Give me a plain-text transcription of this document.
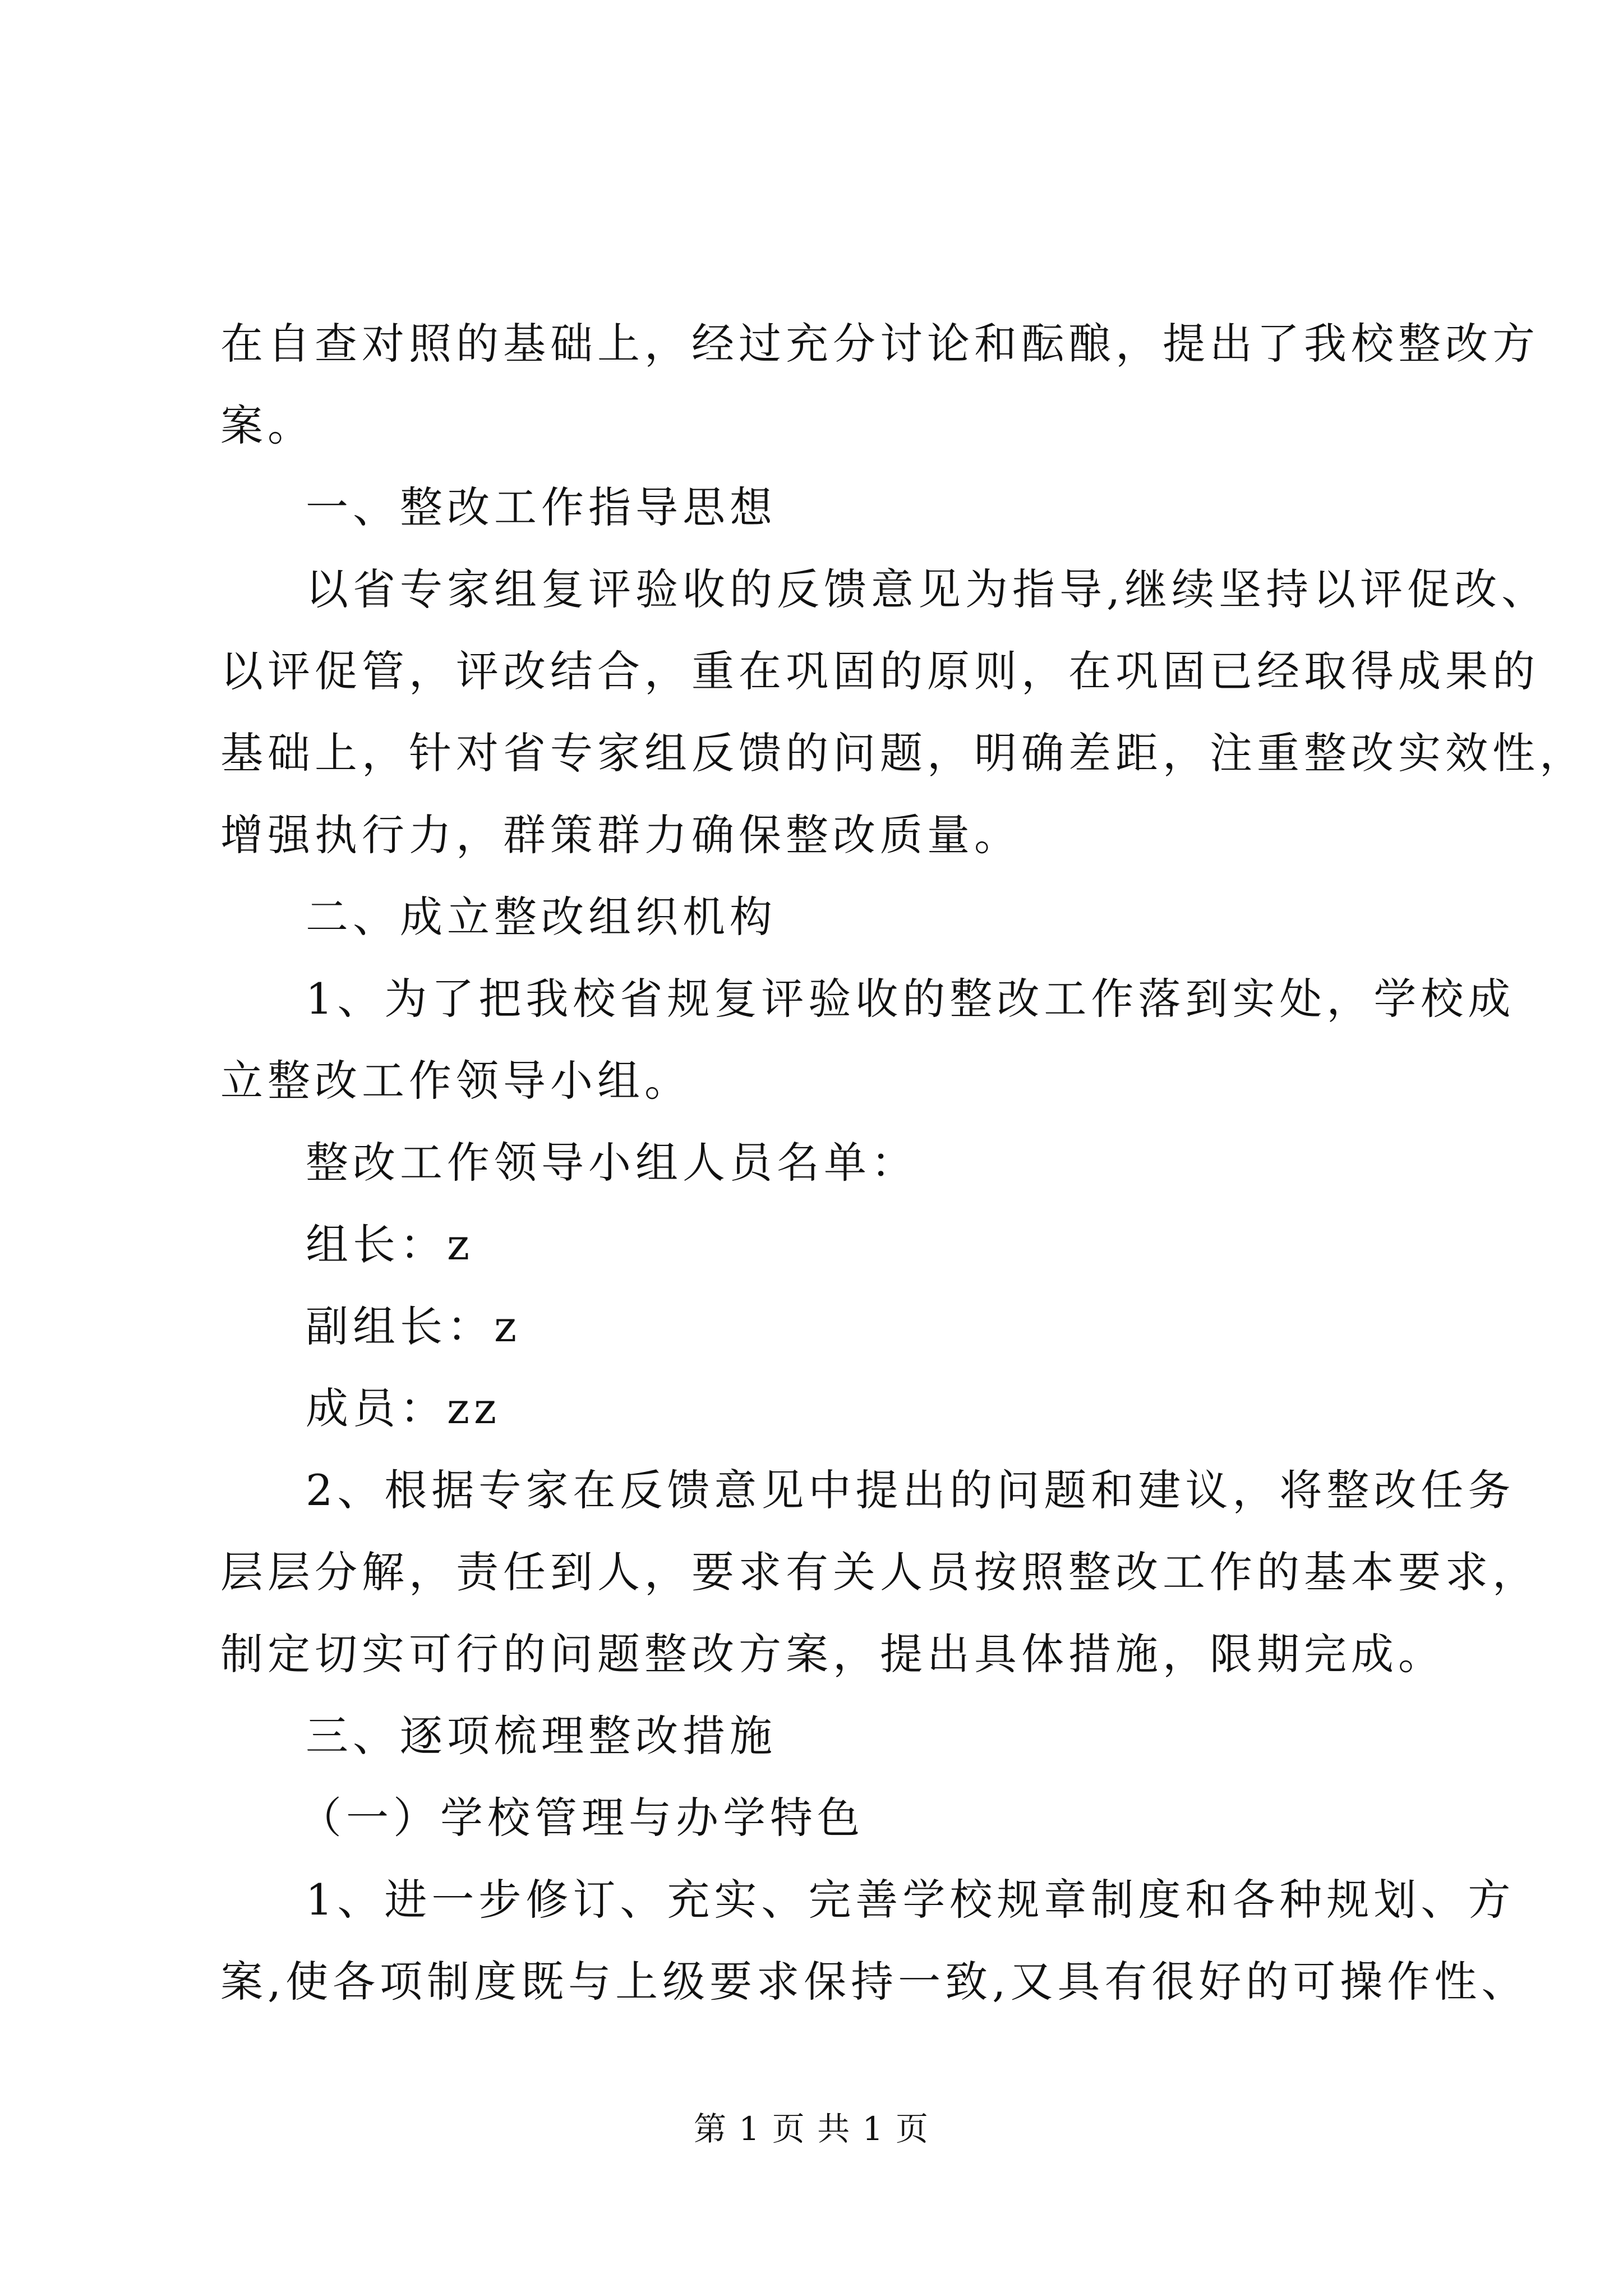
在自查对照的基础上，经过充分讨论和酝酿，提出了我校整改方
案。
一、整改工作指导思想
以省专家组复评验收的反馈意见为指导,继续坚持以评促改、
以评促管，评改结合，重在巩固的原则，在巩固已经取得成果的
基础上，针对省专家组反馈的问题，明确差距，注重整改实效性，
增强执行力，群策群力确保整改质量。
二、成立整改组织机构
1、为了把我校省规复评验收的整改工作落到实处，学校成
立整改工作领导小组。
整改工作领导小组人员名单：
组长：z
副组长：z
成员：zz
2、根据专家在反馈意见中提出的问题和建议，将整改任务
层层分解，责任到人，要求有关人员按照整改工作的基本要求，
制定切实可行的问题整改方案，提出具体措施，限期完成。
三、逐项梳理整改措施
（一）学校管理与办学特色
1、进一步修订、充实、完善学校规章制度和各种规划、方
案,使各项制度既与上级要求保持一致,又具有很好的可操作性、
第 1 页 共 1 页
